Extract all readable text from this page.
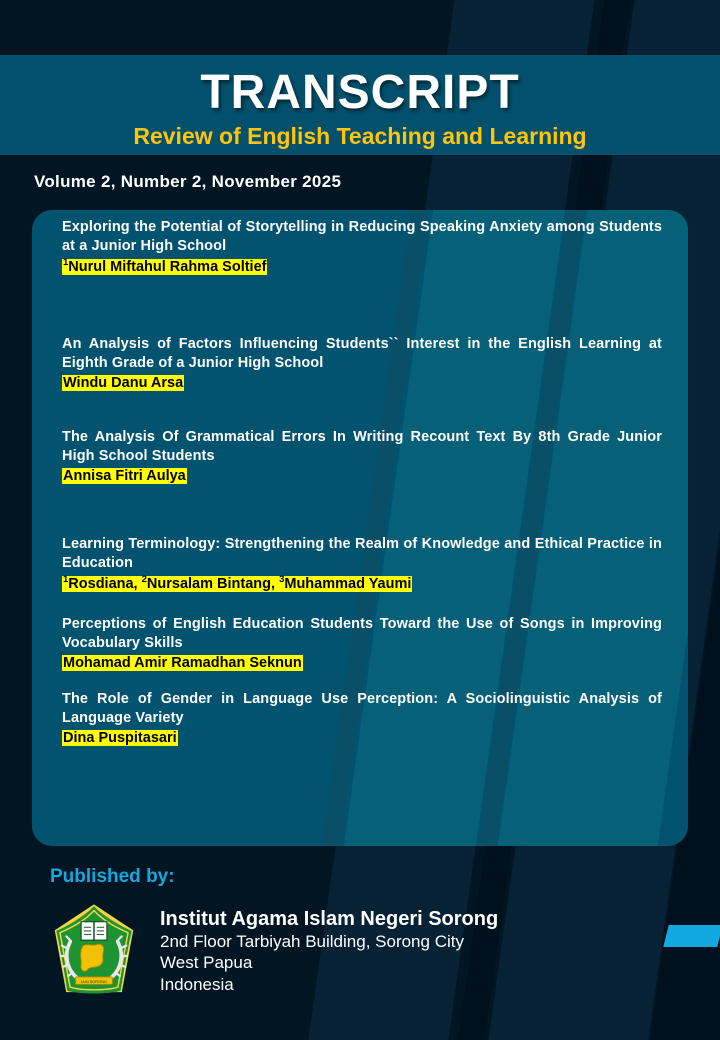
TRANSCRIPT
Review of English Teaching and Learning
Volume 2, Number 2, November 2025
Exploring the Potential of Storytelling in Reducing Speaking Anxiety among Students at a Junior High School
$^1$Nurul Miftahul Rahma Soltief
An Analysis of Factors Influencing Students`` Interest in the English Learning at Eighth Grade of a Junior High School
Windu Danu Arsa
The Analysis Of Grammatical Errors In Writing Recount Text By 8th Grade Junior High School Students
Annisa Fitri Aulya
Learning Terminology: Strengthening the Realm of Knowledge and Ethical Practice in Education
$^1$Rosdiana, $^2$Nursalam Bintang, $^3$Muhammad Yaumi
Perceptions of English Education Students Toward the Use of Songs in Improving Vocabulary Skills
Mohamad Amir Ramadhan Seknun
The Role of Gender in Language Use Perception: A Sociolinguistic Analysis of Language Variety
Dina Puspitasari
Published by:
IAIN SORONG
Institut Agama Islam Negeri Sorong
2nd Floor Tarbiyah Building, Sorong City
West Papua
Indonesia
